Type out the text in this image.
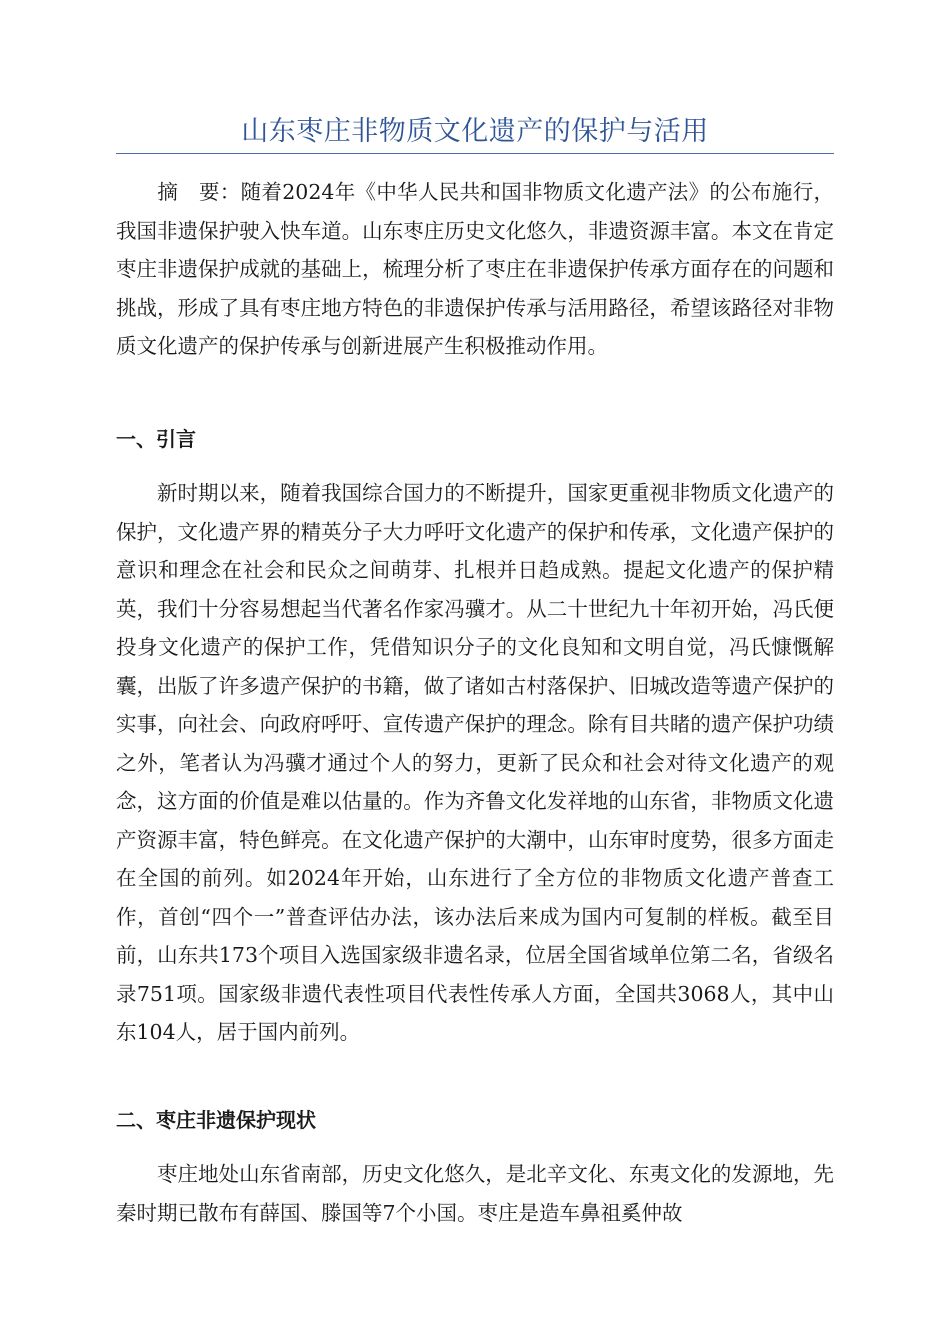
山东枣庄非物质文化遗产的保护与活用

摘　要：随着2024年《中华人民共和国非物质文化遗产法》的公布施行，我国非遗保护驶入快车道。山东枣庄历史文化悠久，非遗资源丰富。本文在肯定枣庄非遗保护成就的基础上，梳理分析了枣庄在非遗保护传承方面存在的问题和挑战，形成了具有枣庄地方特色的非遗保护传承与活用路径，希望该路径对非物质文化遗产的保护传承与创新进展产生积极推动作用。

一、引言

新时期以来，随着我国综合国力的不断提升，国家更重视非物质文化遗产的保护，文化遗产界的精英分子大力呼吁文化遗产的保护和传承，文化遗产保护的意识和理念在社会和民众之间萌芽、扎根并日趋成熟。提起文化遗产的保护精英，我们十分容易想起当代著名作家冯骥才。从二十世纪九十年初开始，冯氏便投身文化遗产的保护工作，凭借知识分子的文化良知和文明自觉，冯氏慷慨解囊，出版了许多遗产保护的书籍，做了诸如古村落保护、旧城改造等遗产保护的实事，向社会、向政府呼吁、宣传遗产保护的理念。除有目共睹的遗产保护功绩之外，笔者认为冯骥才通过个人的努力，更新了民众和社会对待文化遗产的观念，这方面的价值是难以估量的。作为齐鲁文化发祥地的山东省，非物质文化遗产资源丰富，特色鲜亮。在文化遗产保护的大潮中，山东审时度势，很多方面走在全国的前列。如2024年开始，山东进行了全方位的非物质文化遗产普查工作，首创“四个一”普查评估办法，该办法后来成为国内可复制的样板。截至目前，山东共173个项目入选国家级非遗名录，位居全国省域单位第二名，省级名录751项。国家级非遗代表性项目代表性传承人方面，全国共3068人，其中山东104人，居于国内前列。

二、枣庄非遗保护现状

枣庄地处山东省南部，历史文化悠久，是北辛文化、东夷文化的发源地，先秦时期已散布有薛国、滕国等7个小国。枣庄是造车鼻祖奚仲故
